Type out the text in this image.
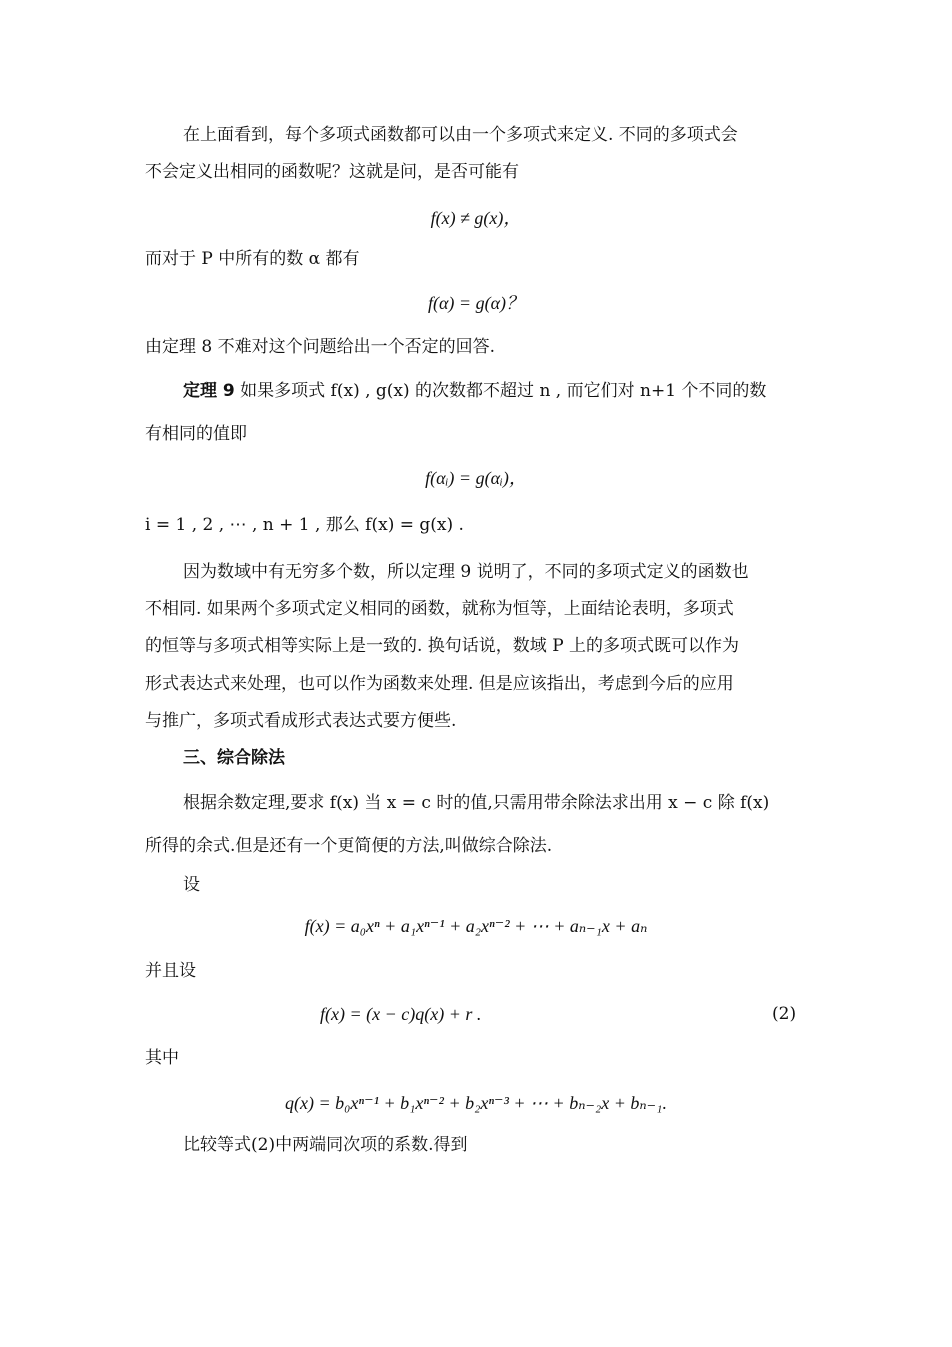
在上面看到，每个多项式函数都可以由一个多项式来定义. 不同的多项式会
不会定义出相同的函数呢？这就是问，是否可能有
f(x) ≠ g(x)，
而对于 P 中所有的数 α 都有
f(α) = g(α)？
由定理 8 不难对这个问题给出一个否定的回答.
定理 9 如果多项式 f(x) , g(x) 的次数都不超过 n , 而它们对 n+1 个不同的数
有相同的值即
f(αᵢ) = g(αᵢ)，
i = 1 , 2 , ⋯ , n + 1 , 那么 f(x) = g(x) .
因为数域中有无穷多个数，所以定理 9 说明了，不同的多项式定义的函数也
不相同. 如果两个多项式定义相同的函数，就称为恒等，上面结论表明，多项式
的恒等与多项式相等实际上是一致的. 换句话说，数域 P 上的多项式既可以作为
形式表达式来处理，也可以作为函数来处理. 但是应该指出，考虑到今后的应用
与推广，多项式看成形式表达式要方便些.
三、综合除法
根据余数定理,要求 f(x) 当 x = c 时的值,只需用带余除法求出用 x − c 除 f(x)
所得的余式.但是还有一个更简便的方法,叫做综合除法.
设
f(x) = a₀xⁿ + a₁xⁿ⁻¹ + a₂xⁿ⁻² + ⋯ + aₙ₋₁x + aₙ
并且设
f(x) = (x − c)q(x) + r .	(2)
其中
q(x) = b₀xⁿ⁻¹ + b₁xⁿ⁻² + b₂xⁿ⁻³ + ⋯ + bₙ₋₂x + bₙ₋₁.
比较等式(2)中两端同次项的系数.得到
